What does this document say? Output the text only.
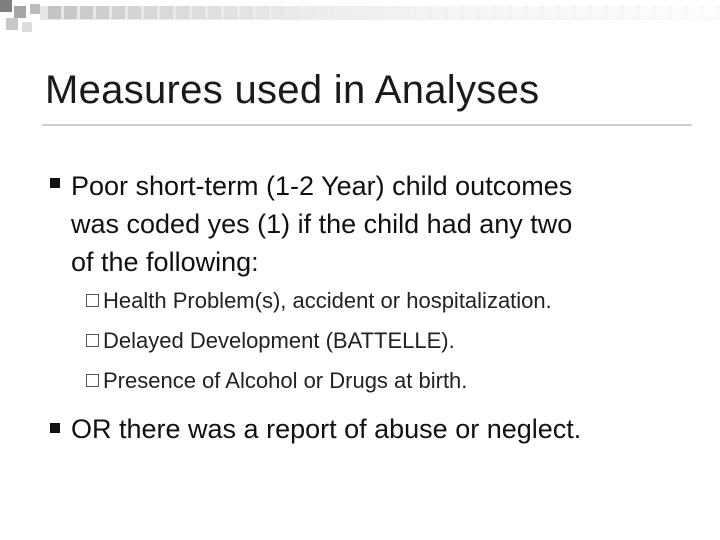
Measures used in Analyses
Poor short-term (1-2 Year) child outcomes
was coded yes (1) if the child had any two
of the following:
Health Problem(s), accident or hospitalization.
Delayed Development (BATTELLE).
Presence of Alcohol or Drugs at birth.
OR there was a report of abuse or neglect.
